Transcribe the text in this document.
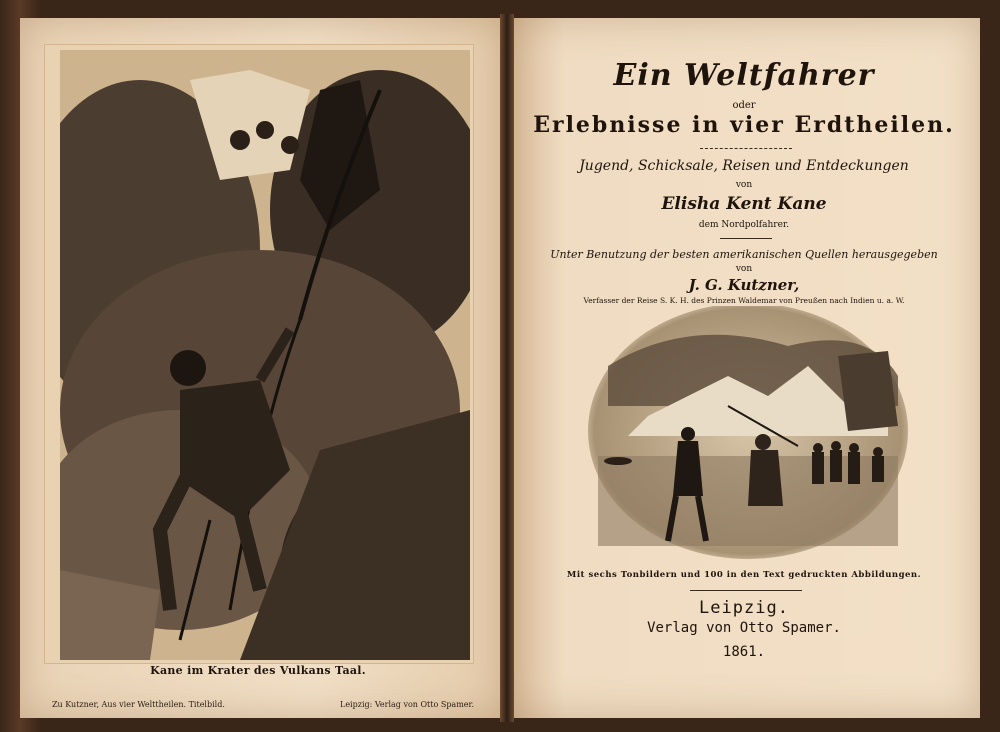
Kane im Krater des Vulkans Taal.
Zu Kutzner, Aus vier Welttheilen. Titelbild.	Leipzig: Verlag von Otto Spamer.
Ein Weltfahrer
oder
Erlebnisse in vier Erdtheilen.
Jugend, Schicksale, Reisen und Entdeckungen
von
Elisha Kent Kane
dem Nordpolfahrer.
Unter Benutzung der besten amerikanischen Quellen herausgegeben
von
J. G. Kutzner,
Verfasser der Reise S. K. H. des Prinzen Waldemar von Preußen nach Indien u. a. W.
Mit sechs Tonbildern und 100 in den Text gedruckten Abbildungen.
Leipzig.
Verlag von Otto Spamer.
1861.
